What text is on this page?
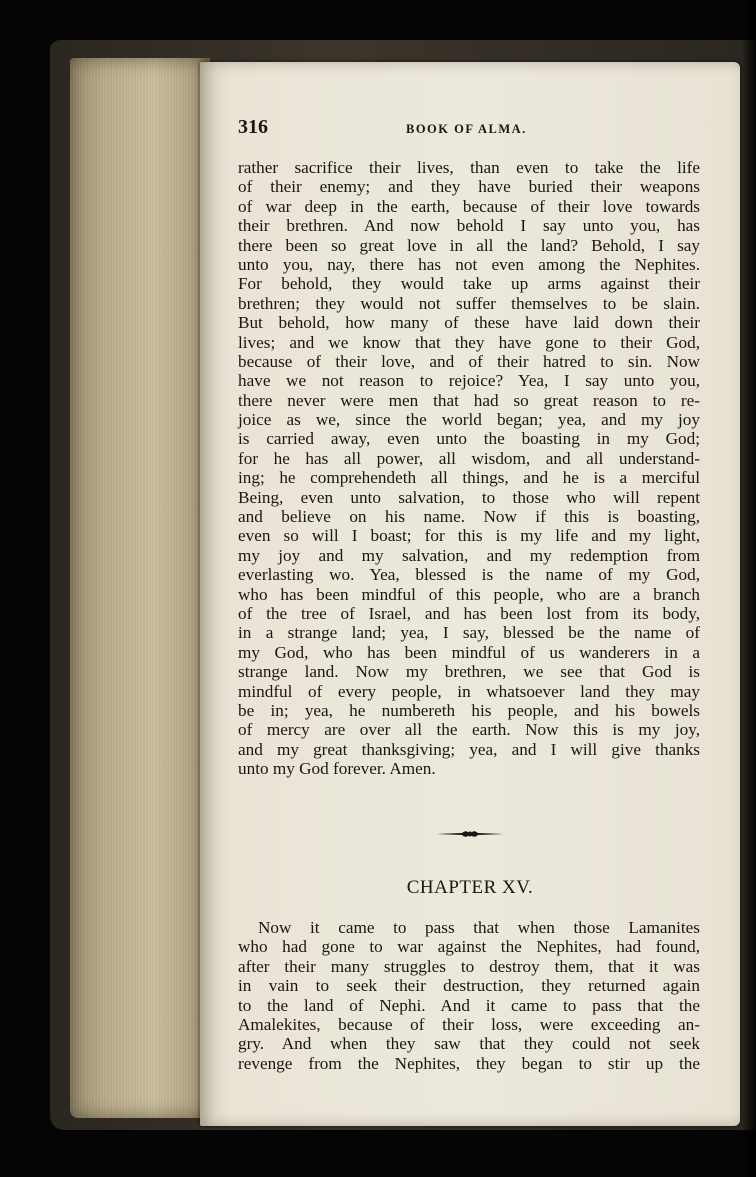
316	BOOK OF ALMA.
rather sacrifice their lives, than even to take the life
of their enemy; and they have buried their weapons
of war deep in the earth, because of their love towards
their brethren. And now behold I say unto you, has
there been so great love in all the land? Behold, I say
unto you, nay, there has not even among the Nephites.
For behold, they would take up arms against their
brethren; they would not suffer themselves to be slain.
But behold, how many of these have laid down their
lives; and we know that they have gone to their God,
because of their love, and of their hatred to sin. Now
have we not reason to rejoice? Yea, I say unto you,
there never were men that had so great reason to re-
joice as we, since the world began; yea, and my joy
is carried away, even unto the boasting in my God;
for he has all power, all wisdom, and all understand-
ing; he comprehendeth all things, and he is a merciful
Being, even unto salvation, to those who will repent
and believe on his name. Now if this is boasting,
even so will I boast; for this is my life and my light,
my joy and my salvation, and my redemption from
everlasting wo. Yea, blessed is the name of my God,
who has been mindful of this people, who are a branch
of the tree of Israel, and has been lost from its body,
in a strange land; yea, I say, blessed be the name of
my God, who has been mindful of us wanderers in a
strange land. Now my brethren, we see that God is
mindful of every people, in whatsoever land they may
be in; yea, he numbereth his people, and his bowels
of mercy are over all the earth. Now this is my joy,
and my great thanksgiving; yea, and I will give thanks
unto my God forever. Amen.
CHAPTER XV.
Now it came to pass that when those Lamanites
who had gone to war against the Nephites, had found,
after their many struggles to destroy them, that it was
in vain to seek their destruction, they returned again
to the land of Nephi. And it came to pass that the
Amalekites, because of their loss, were exceeding an-
gry. And when they saw that they could not seek
revenge from the Nephites, they began to stir up the
